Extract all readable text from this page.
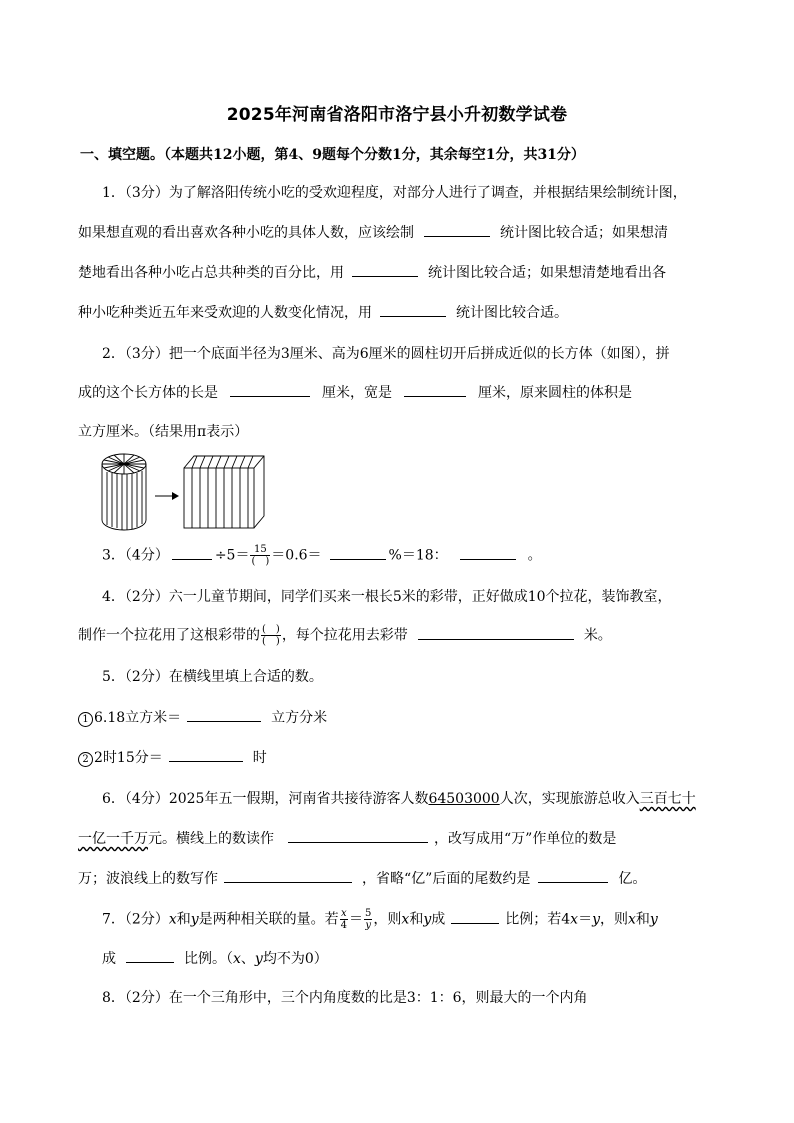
2025年河南省洛阳市洛宁县小升初数学试卷
一、填空题。（本题共12小题，第4、9题每个分数1分，其余每空1分，共31分）
1．（3分）为了解洛阳传统小吃的受欢迎程度，对部分人进行了调查，并根据结果绘制统计图，
如果想直观的看出喜欢各种小吃的具体人数，应该绘制	统计图比较合适；如果想清
楚地看出各种小吃占总共种类的百分比，用	统计图比较合适；如果想清楚地看出各
种小吃种类近五年来受欢迎的人数变化情况，用	统计图比较合适。
2．（3分）把一个底面半径为3厘米、高为6厘米的圆柱切开后拼成近似的长方体（如图），拼
成的这个长方体的长是	厘米，宽是	厘米，原来圆柱的体积是
立方厘米。（结果用π表示）
3．（4分）	$\div 5= \frac{15}{( )} =0.6=$	%＝18：	。
4．（2分）六一儿童节期间，同学们买来一根长5米的彩带，正好做成10个拉花，装饰教室，
制作一个拉花用了这根彩带的 $\frac{( )}{( )}$ ，每个拉花用去彩带	米。
5．（2分）在横线里填上合适的数。
1 6.18立方米＝	立方分米
2 2时15分＝	时
6．（4分）2025年五一假期，河南省共接待游客人数64503000人次，实现旅游总收入三百七十
一亿一千万元。横线上的数读作	，改写成用“万”作单位的数是
万；波浪线上的数写作	，省略“亿”后面的尾数约是	亿。
7．（2分）x和y是两种相关联的量。若 $\frac{x}{4} = \frac{5}{y}$ ，则x和y成	比例；若4x＝y，则x和y
成	比例。（x、y均不为0）
8．（2分）在一个三角形中，三个内角度数的比是3：1：6，则最大的一个内角
